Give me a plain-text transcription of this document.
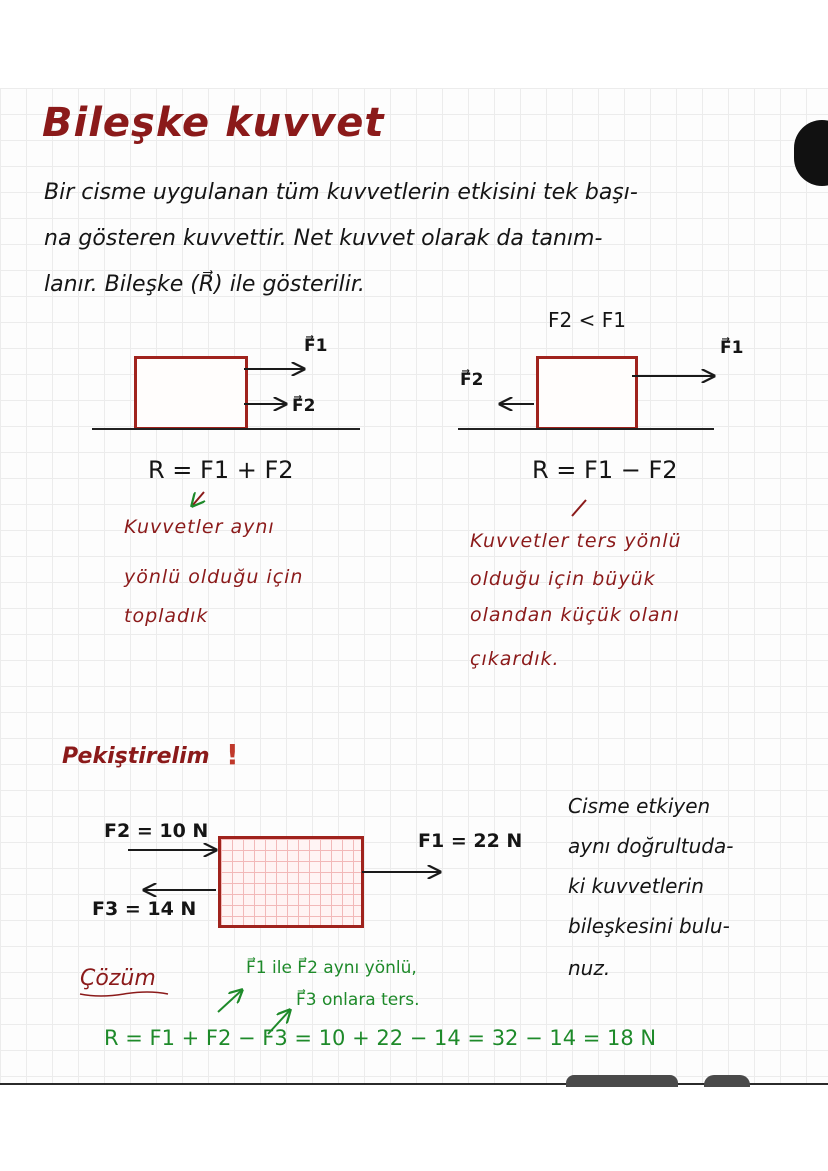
Bileşke kuvvet
Bir cisme uygulanan tüm kuvvetlerin etkisini tek başı-
na gösteren kuvvettir. Net kuvvet olarak da tanım-
lanır. Bileşke (R⃗) ile gösterilir.
F⃗1
F⃗2
R = F1 + F2
Kuvvetler aynı
yönlü olduğu için
topladık
F2 < F1
F⃗1
F⃗2
R = F1 − F2
Kuvvetler ters yönlü
olduğu için büyük
olandan küçük olanı
çıkardık.
Pekiştirelim !
F2 = 10 N	F1 = 22 N
F3 = 14 N
Cisme etkiyen
aynı doğrultuda-
ki kuvvetlerin
bileşkesini bulu-
nuz.
Çözüm	F⃗1 ile F⃗2 aynı yönlü,
F⃗3 onlara ters.
R = F1 + F2 − F3 = 10 + 22 − 14 = 32 − 14 = 18 N
